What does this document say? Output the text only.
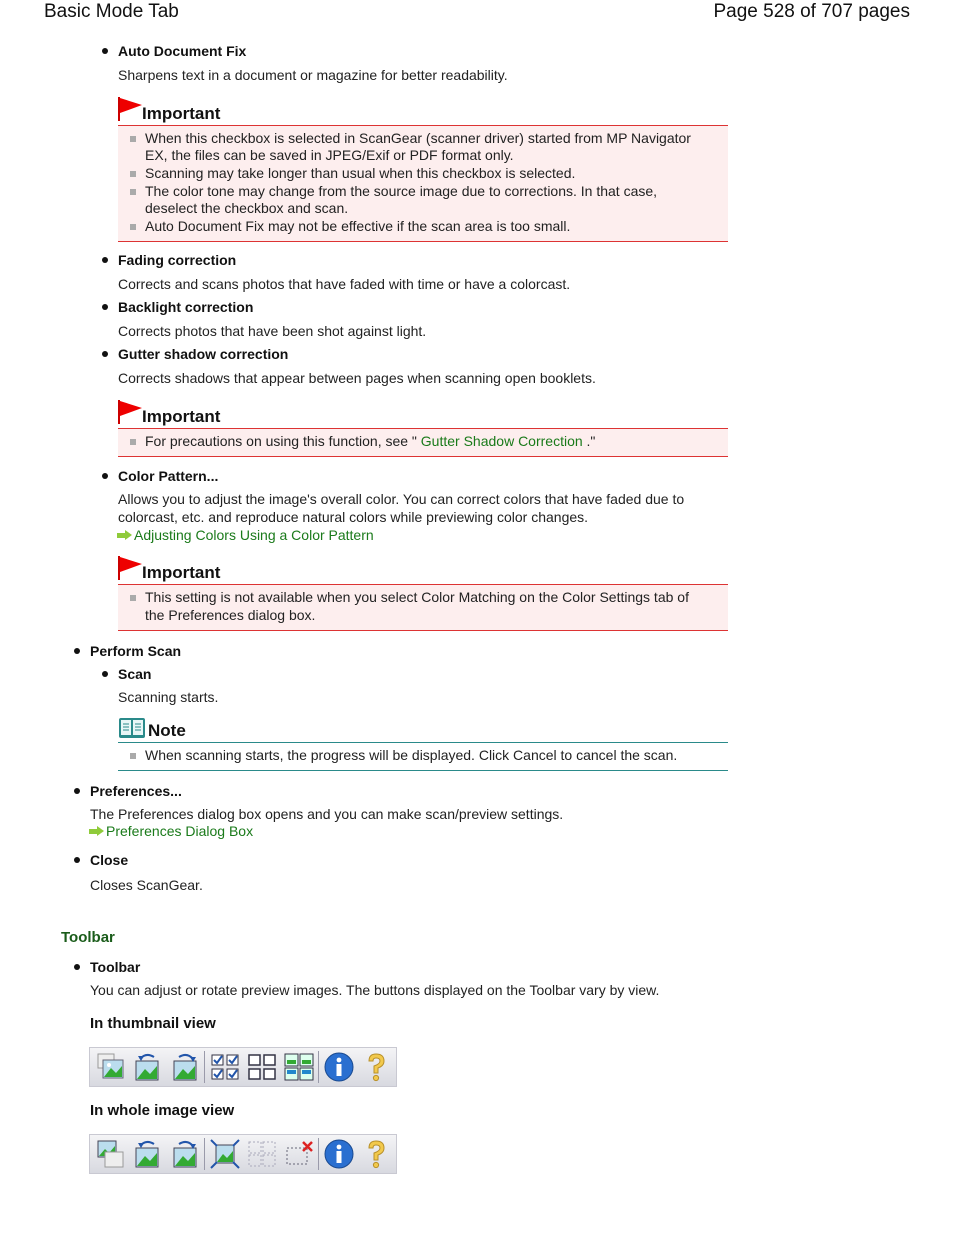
Basic Mode Tab	Page 528 of 707 pages
Auto Document Fix
Sharpens text in a document or magazine for better readability.
Important
When this checkbox is selected in ScanGear (scanner driver) started from MP Navigator
EX, the files can be saved in JPEG/Exif or PDF format only.
Scanning may take longer than usual when this checkbox is selected.
The color tone may change from the source image due to corrections. In that case,
deselect the checkbox and scan.
Auto Document Fix may not be effective if the scan area is too small.
Fading correction
Corrects and scans photos that have faded with time or have a colorcast.
Backlight correction
Corrects photos that have been shot against light.
Gutter shadow correction
Corrects shadows that appear between pages when scanning open booklets.
Important
For precautions on using this function, see " Gutter Shadow Correction ."
Color Pattern...
Allows you to adjust the image's overall color. You can correct colors that have faded due to
colorcast, etc. and reproduce natural colors while previewing color changes.
Adjusting Colors Using a Color Pattern
Important
This setting is not available when you select Color Matching on the Color Settings tab of
the Preferences dialog box.
Perform Scan
Scan
Scanning starts.
Note
When scanning starts, the progress will be displayed. Click Cancel to cancel the scan.
Preferences...
The Preferences dialog box opens and you can make scan/preview settings.
Preferences Dialog Box
Close
Closes ScanGear.
Toolbar
Toolbar
You can adjust or rotate preview images. The buttons displayed on the Toolbar vary by view.
In thumbnail view
In whole image view
